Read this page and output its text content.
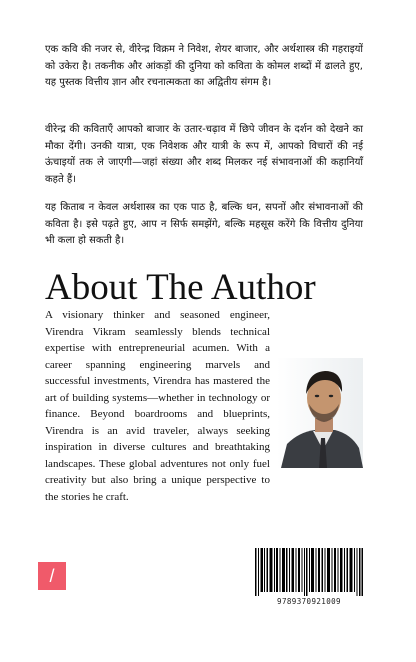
एक कवि की नजर से, वीरेन्द्र विक्रम ने निवेश, शेयर बाजार, और अर्थशास्त्र की गहराइयों को उकेरा है। तकनीक और आंकड़ों की दुनिया को कविता के कोमल शब्दों में ढालते हुए, यह पुस्तक वित्तीय ज्ञान और रचनात्मकता का अद्वितीय संगम है।

वीरेन्द्र की कविताएँ आपको बाजार के उतार-चढ़ाव में छिपे जीवन के दर्शन को देखने का मौका देंगी। उनकी यात्रा, एक निवेशक और यात्री के रूप में, आपको विचारों की नई ऊंचाइयों तक ले जाएगी—जहां संख्या और शब्द मिलकर नई संभावनाओं की कहानियाँ कहते हैं।

यह किताब न केवल अर्थशास्त्र का एक पाठ है, बल्कि धन, सपनों और संभावनाओं की कविता है। इसे पढ़ते हुए, आप न सिर्फ समझेंगे, बल्कि महसूस करेंगे कि वित्तीय दुनिया भी कला हो सकती है।

About The Author

A visionary thinker and seasoned engineer, Virendra Vikram seamlessly blends technical expertise with entrepreneurial acumen. With a career spanning engineering marvels and successful investments, Virendra has mastered the art of building systems—whether in technology or finance. Beyond boardrooms and blueprints, Virendra is an avid traveler, always seeking inspiration in diverse cultures and breathtaking landscapes. These global adventures not only fuel creativity but also bring a unique perspective to the stories he craft.

/
9789370921009
